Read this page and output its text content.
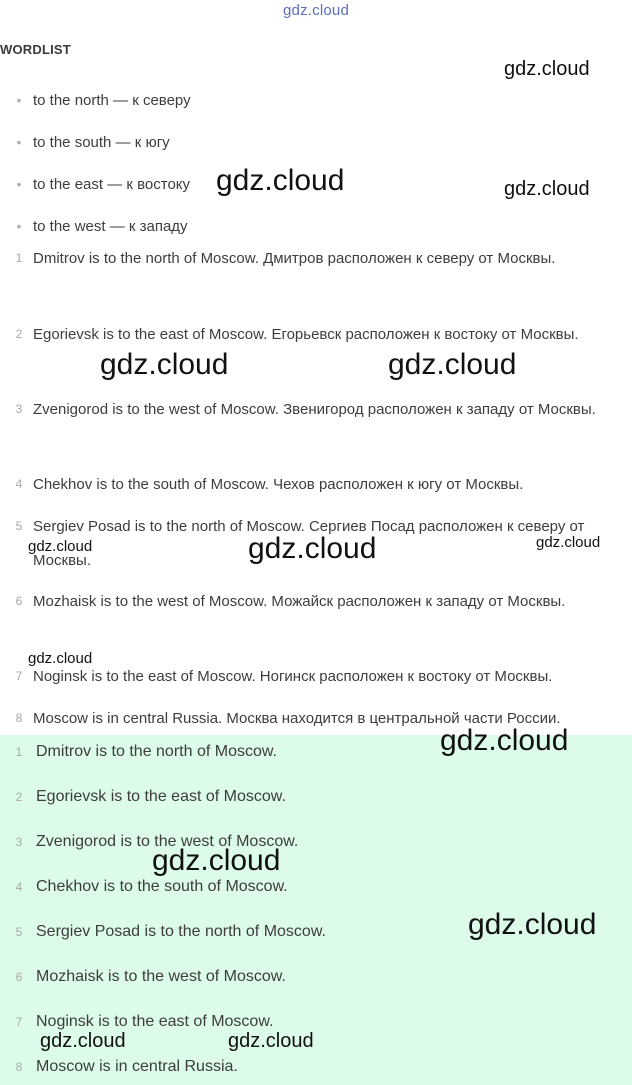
gdz.cloud
WORDLIST
• to the north — к северу
• to the south — к югу
• to the east — к востоку
• to the west — к западу
1 Dmitrov is to the north of Moscow. Дмитров расположен к северу от Москвы.
2 Egorievsk is to the east of Moscow. Егорьевск расположен к востоку от Москвы.
3 Zvenigorod is to the west of Moscow. Звенигород расположен к западу от Москвы.
4 Chekhov is to the south of Moscow. Чехов расположен к югу от Москвы.
5 Sergiev Posad is to the north of Moscow. Сергиев Посад расположен к северу от Москвы.
6 Mozhaisk is to the west of Moscow. Можайск расположен к западу от Москвы.
7 Noginsk is to the east of Moscow. Ногинск расположен к востоку от Москвы.
8 Moscow is in central Russia. Москва находится в центральной части России.
1 Dmitrov is to the north of Moscow.
2 Egorievsk is to the east of Moscow.
3 Zvenigorod is to the west of Moscow.
4 Chekhov is to the south of Moscow.
5 Sergiev Posad is to the north of Moscow.
6 Mozhaisk is to the west of Moscow.
7 Noginsk is to the east of Moscow.
8 Moscow is in central Russia.
gdz.cloud
gdz.cloud	gdz.cloud
gdz.cloud	gdz.cloud
gdz.cloud	gdz.cloud	gdz.cloud
gdz.cloud
gdz.cloud
gdz.cloud
gdz.cloud
gdz.cloud	gdz.cloud
